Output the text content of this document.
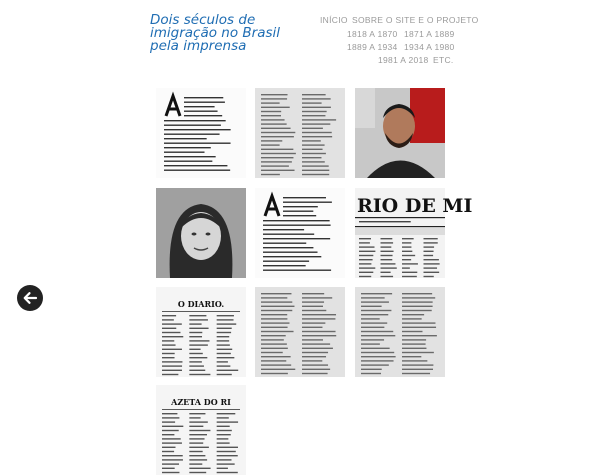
Dois séculos de
imigração no Brasil
pela imprensa
INÍCIO SOBRE O SITE E O PROJETO
1818 A 1870 1871 A 1889
1889 A 1934 1934 A 1980
1981 A 2018 ETC.
RIO DE MI
O DIARIO.
AZETA DO RI
